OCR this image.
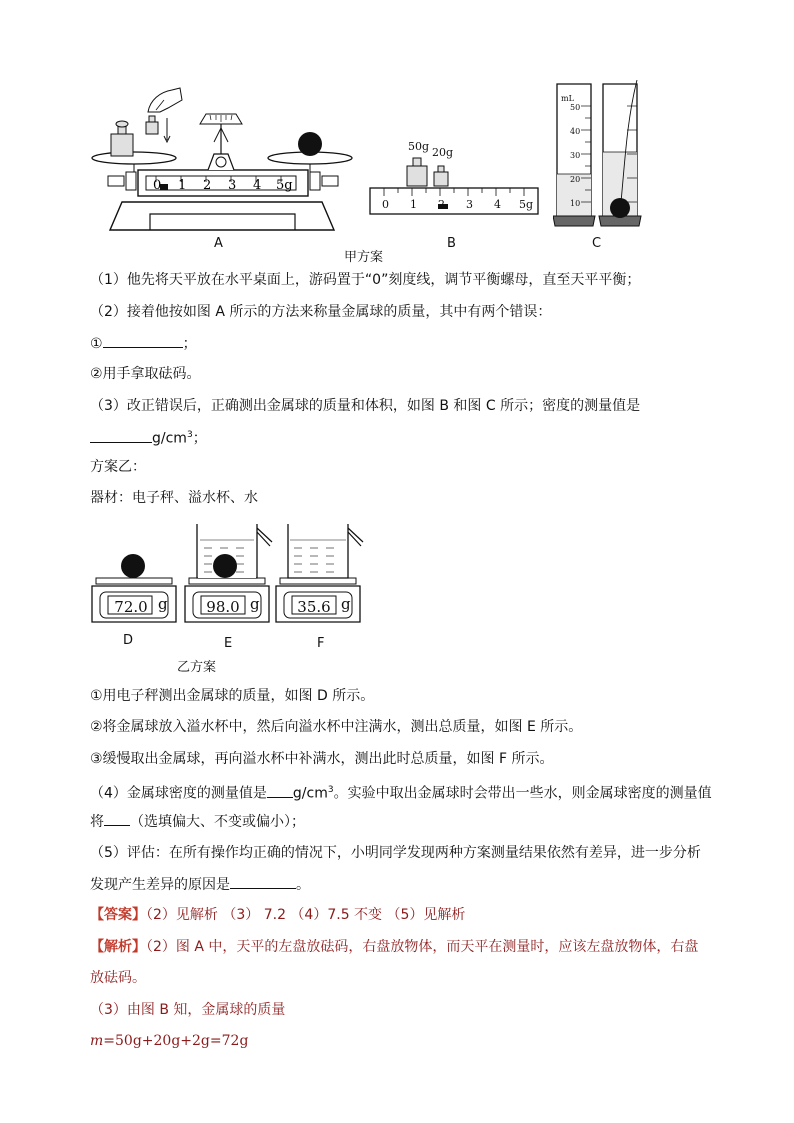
0 1 2 3 4 5g
A
甲方案
50g 20g
0 1 2 3 4 5g
B
mL
50
40
30
20
10
C
（1）他先将天平放在水平桌面上，游码置于“0”刻度线，调节平衡螺母，直至天平平衡；
（2）接着他按如图 A 所示的方法来称量金属球的质量，其中有两个错误：
①	；
②用手拿取砝码。
（3）改正错误后，正确测出金属球的质量和体积，如图 B 和图 C 所示；密度的测量值是
$g/cm^3$；
方案乙：
器材：电子秤、溢水杯、水
72.0 g	98.0 g	35.6 g
D	E	F
乙方案
①用电子秤测出金属球的质量，如图 D 所示。
②将金属球放入溢水杯中，然后向溢水杯中注满水，测出总质量，如图 E 所示。
③缓慢取出金属球，再向溢水杯中补满水，测出此时总质量，如图 F 所示。
（4）金属球密度的测量值是 $g/cm^3$。实验中取出金属球时会带出一些水，则金属球密度的测量值
将 （选填偏大、不变或偏小）；
（5）评估：在所有操作均正确的情况下，小明同学发现两种方案测量结果依然有差异，进一步分析
发现产生差异的原因是	。
【答案】（2）见解析 （3） 7.2 （4）7.5 不变 （5）见解析
【解析】（2）图 A 中，天平的左盘放砝码，右盘放物体，而天平在测量时，应该左盘放物体，右盘
放砝码。
（3）由图 B 知，金属球的质量
m=50g+20g+2g=72g
